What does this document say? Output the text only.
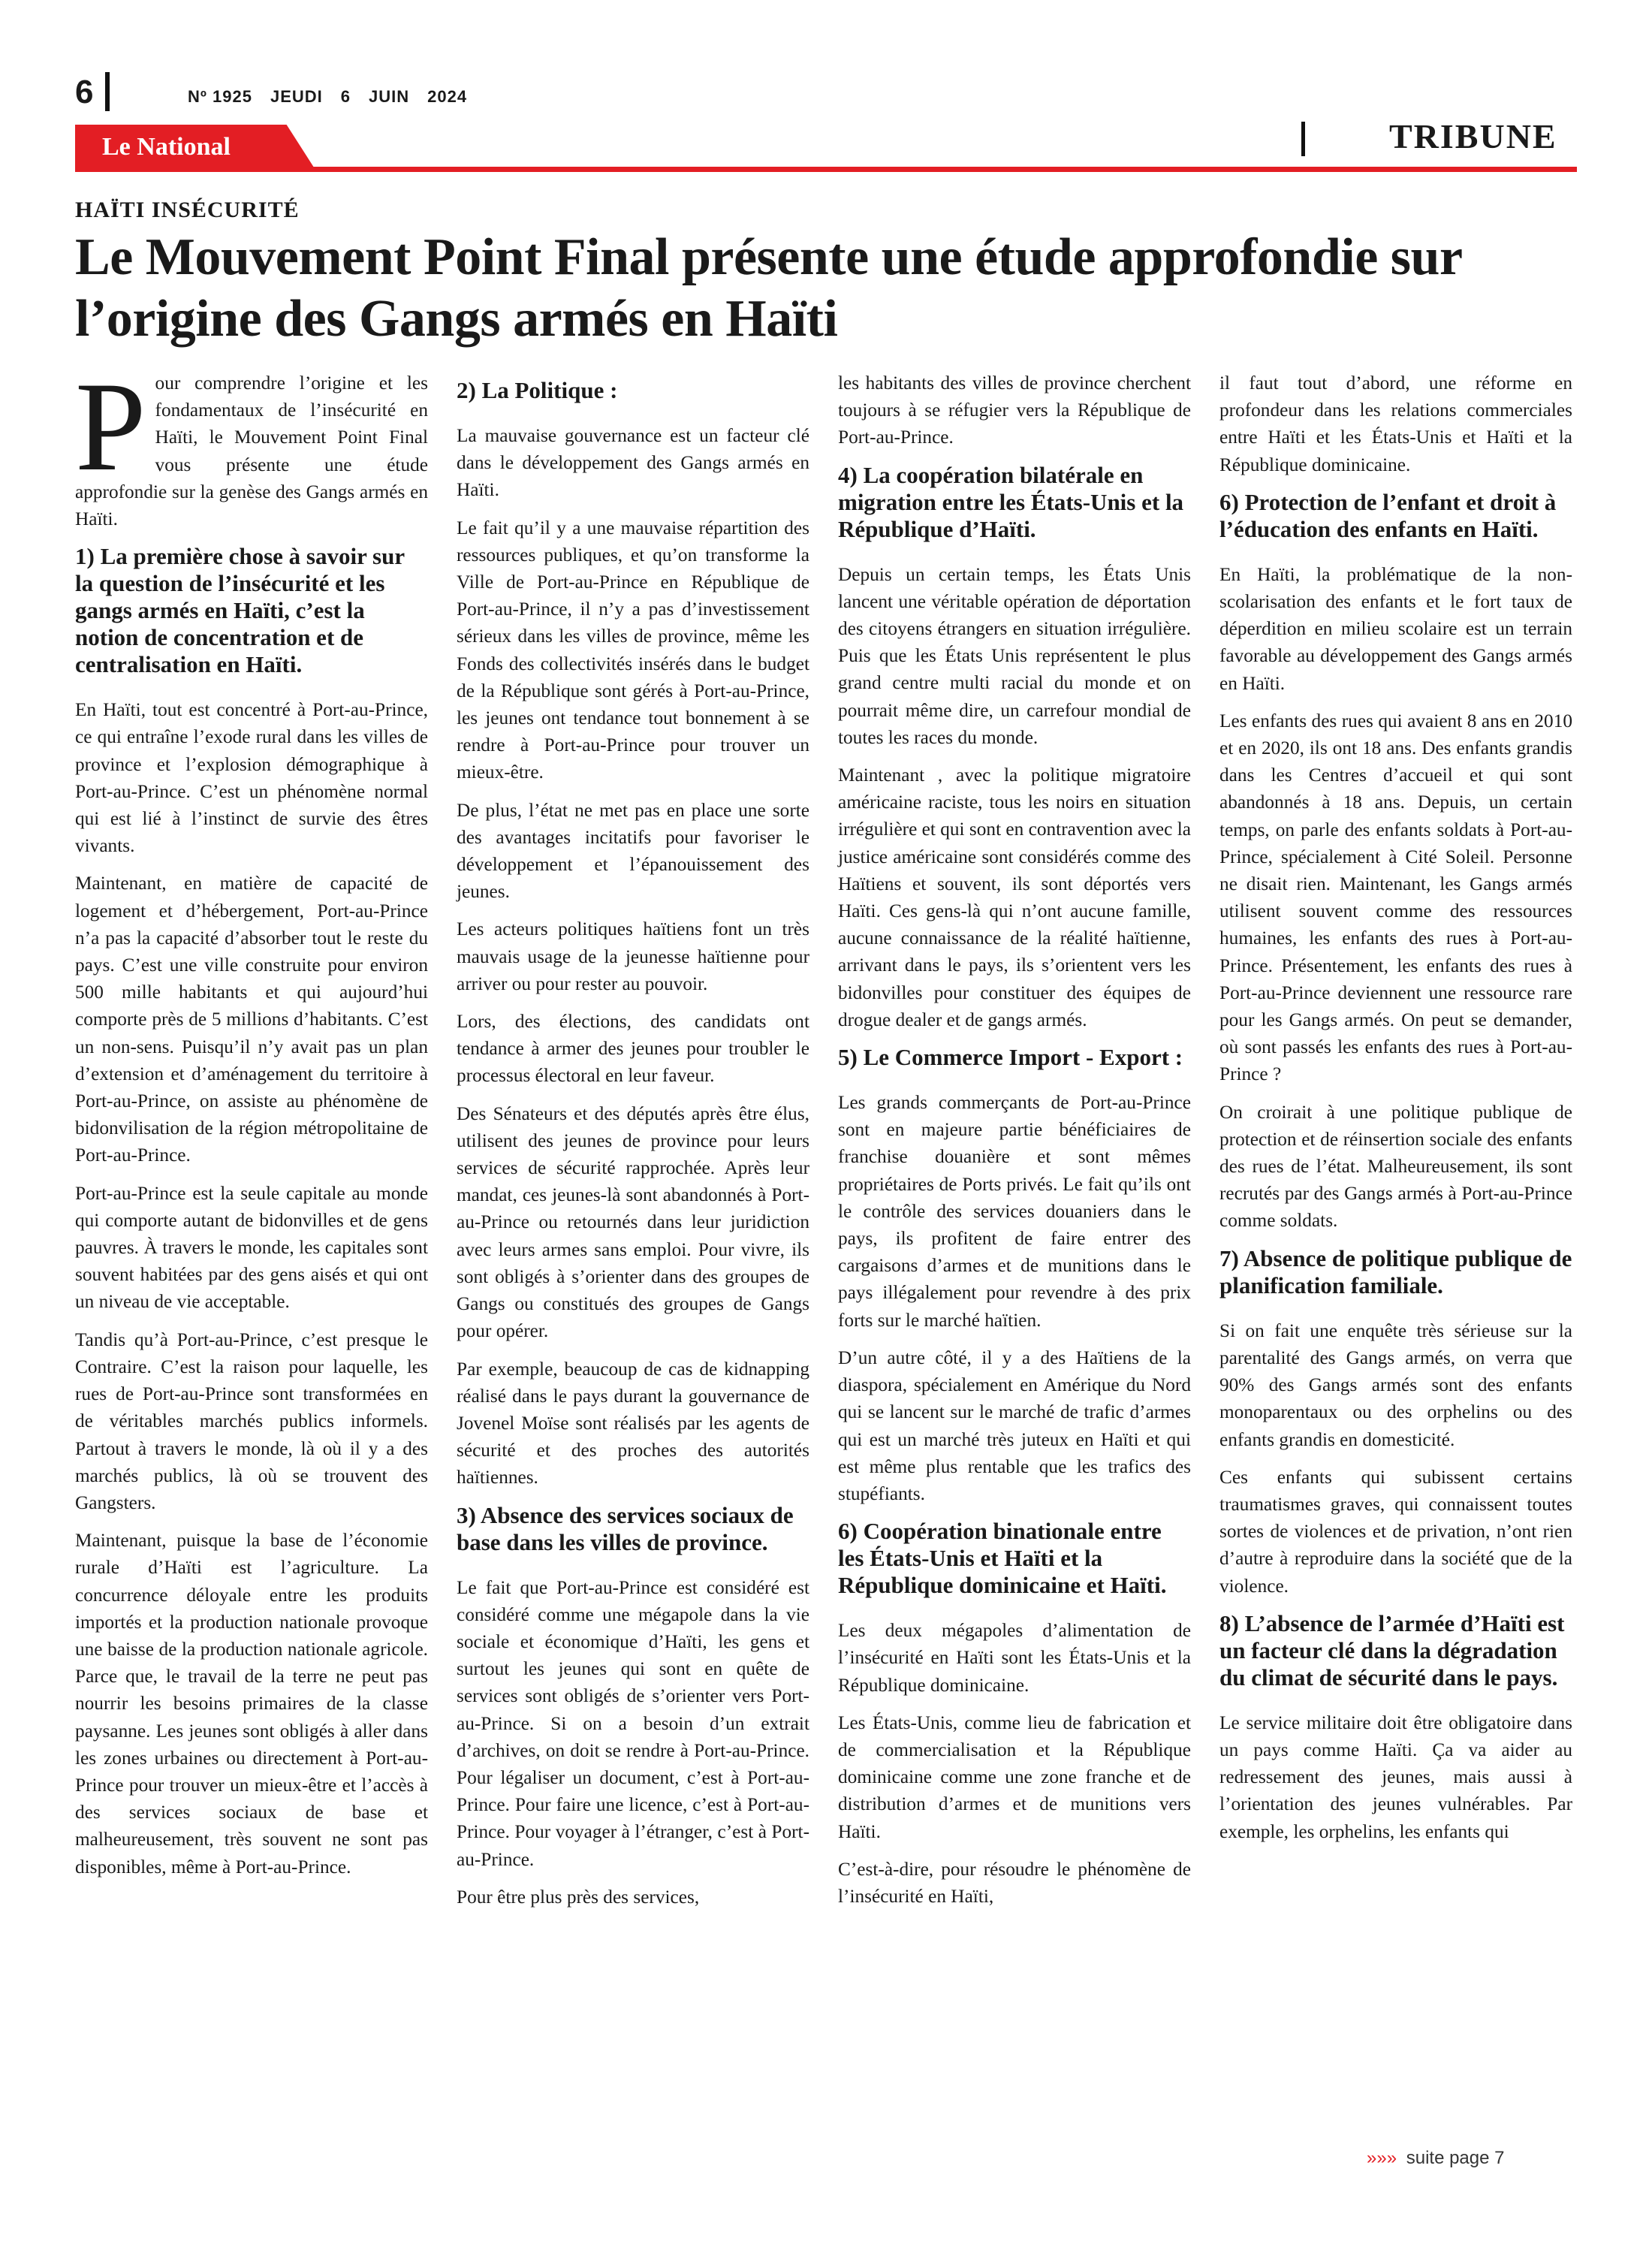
6	Nº 1925 JEUDI 6 JUIN 2024
Le National	TRIBUNE
HAÏTI INSÉCURITÉ
Le Mouvement Point Final présente une étude approfondie sur l’origine des Gangs armés en Haïti

Pour comprendre l’origine et les fondamentaux de l’insécurité en Haïti, le Mouvement Point Final vous présente une étude approfondie sur la genèse des Gangs armés en Haïti.

1) La première chose à savoir sur la question de l’insécurité et les gangs armés en Haïti, c’est la notion de concentration et de centralisation en Haïti.

En Haïti, tout est concentré à Port-au-Prince, ce qui entraîne l’exode rural dans les villes de province et l’explosion démographique à Port-au-Prince. C’est un phénomène normal qui est lié à l’instinct de survie des êtres vivants.

Maintenant, en matière de capacité de logement et d’hébergement, Port-au-Prince n’a pas la capacité d’absorber tout le reste du pays. C’est une ville construite pour environ 500 mille habitants et qui aujourd’hui comporte près de 5 millions d’habitants. C’est un non-sens. Puisqu’il n’y avait pas un plan d’extension et d’aménagement du territoire à Port-au-Prince, on assiste au phénomène de bidonvilisation de la région métropolitaine de Port-au-Prince.

Port-au-Prince est la seule capitale au monde qui comporte autant de bidonvilles et de gens pauvres. À travers le monde, les capitales sont souvent habitées par des gens aisés et qui ont un niveau de vie acceptable.

Tandis qu’à Port-au-Prince, c’est presque le Contraire. C’est la raison pour laquelle, les rues de Port-au-Prince sont transformées en de véritables marchés publics informels. Partout à travers le monde, là où il y a des marchés publics, là où se trouvent des Gangsters.

Maintenant, puisque la base de l’économie rurale d’Haïti est l’agriculture. La concurrence déloyale entre les produits importés et la production nationale provoque une baisse de la production nationale agricole. Parce que, le travail de la terre ne peut pas nourrir les besoins primaires de la classe paysanne. Les jeunes sont obligés à aller dans les zones urbaines ou directement à Port-au-Prince pour trouver un mieux-être et l’accès à des services sociaux de base et malheureusement, très souvent ne sont pas disponibles, même à Port-au-Prince.

2) La Politique :

La mauvaise gouvernance est un facteur clé dans le développement des Gangs armés en Haïti.

Le fait qu’il y a une mauvaise répartition des ressources publiques, et qu’on transforme la Ville de Port-au-Prince en République de Port-au-Prince, il n’y a pas d’investissement sérieux dans les villes de province, même les Fonds des collectivités insérés dans le budget de la République sont gérés à Port-au-Prince, les jeunes ont tendance tout bonnement à se rendre à Port-au-Prince pour trouver un mieux-être.

De plus, l’état ne met pas en place une sorte des avantages incitatifs pour favoriser le développement et l’épanouissement des jeunes.

Les acteurs politiques haïtiens font un très mauvais usage de la jeunesse haïtienne pour arriver ou pour rester au pouvoir.

Lors, des élections, des candidats ont tendance à armer des jeunes pour troubler le processus électoral en leur faveur.

Des Sénateurs et des députés après être élus, utilisent des jeunes de province pour leurs services de sécurité rapprochée. Après leur mandat, ces jeunes-là sont abandonnés à Port-au-Prince ou retournés dans leur juridiction avec leurs armes sans emploi. Pour vivre, ils sont obligés à s’orienter dans des groupes de Gangs ou constitués des groupes de Gangs pour opérer.

Par exemple, beaucoup de cas de kidnapping réalisé dans le pays durant la gouvernance de Jovenel Moïse sont réalisés par les agents de sécurité et des proches des autorités haïtiennes.

3) Absence des services sociaux de base dans les villes de province.

Le fait que Port-au-Prince est considéré est considéré comme une mégapole dans la vie sociale et économique d’Haïti, les gens et surtout les jeunes qui sont en quête de services sont obligés de s’orienter vers Port-au-Prince. Si on a besoin d’un extrait d’archives, on doit se rendre à Port-au-Prince. Pour légaliser un document, c’est à Port-au-Prince. Pour faire une licence, c’est à Port-au-Prince. Pour voyager à l’étranger, c’est à Port-au-Prince.

Pour être plus près des services,

les habitants des villes de province cherchent toujours à se réfugier vers la République de Port-au-Prince.

4) La coopération bilatérale en migration entre les États-Unis et la République d’Haïti.

Depuis un certain temps, les États Unis lancent une véritable opération de déportation des citoyens étrangers en situation irrégulière. Puis que les États Unis représentent le plus grand centre multi racial du monde et on pourrait même dire, un carrefour mondial de toutes les races du monde.

Maintenant , avec la politique migratoire américaine raciste, tous les noirs en situation irrégulière et qui sont en contravention avec la justice américaine sont considérés comme des Haïtiens et souvent, ils sont déportés vers Haïti. Ces gens-là qui n’ont aucune famille, aucune connaissance de la réalité haïtienne, arrivant dans le pays, ils s’orientent vers les bidonvilles pour constituer des équipes de drogue dealer et de gangs armés.

5) Le Commerce Import - Export :

Les grands commerçants de Port-au-Prince sont en majeure partie bénéficiaires de franchise douanière et sont mêmes propriétaires de Ports privés. Le fait qu’ils ont le contrôle des services douaniers dans le pays, ils profitent de faire entrer des cargaisons d’armes et de munitions dans le pays illégalement pour revendre à des prix forts sur le marché haïtien.

D’un autre côté, il y a des Haïtiens de la diaspora, spécialement en Amérique du Nord qui se lancent sur le marché de trafic d’armes qui est un marché très juteux en Haïti et qui est même plus rentable que les trafics des stupéfiants.

6) Coopération binationale entre les États-Unis et Haïti et la République dominicaine et Haïti.

Les deux mégapoles d’alimentation de l’insécurité en Haïti sont les États-Unis et la République dominicaine.

Les États-Unis, comme lieu de fabrication et de commercialisation et la République dominicaine comme une zone franche et de distribution d’armes et de munitions vers Haïti.

C’est-à-dire, pour résoudre le phénomène de l’insécurité en Haïti,

il faut tout d’abord, une réforme en profondeur dans les relations commerciales entre Haïti et les États-Unis et Haïti et la République dominicaine.

6) Protection de l’enfant et droit à l’éducation des enfants en Haïti.

En Haïti, la problématique de la non-scolarisation des enfants et le fort taux de déperdition en milieu scolaire est un terrain favorable au développement des Gangs armés en Haïti.

Les enfants des rues qui avaient 8 ans en 2010 et en 2020, ils ont 18 ans. Des enfants grandis dans les Centres d’accueil et qui sont abandonnés à 18 ans. Depuis, un certain temps, on parle des enfants soldats à Port-au-Prince, spécialement à Cité Soleil. Personne ne disait rien. Maintenant, les Gangs armés utilisent souvent comme des ressources humaines, les enfants des rues à Port-au-Prince. Présentement, les enfants des rues à Port-au-Prince deviennent une ressource rare pour les Gangs armés. On peut se demander, où sont passés les enfants des rues à Port-au-Prince ?

On croirait à une politique publique de protection et de réinsertion sociale des enfants des rues de l’état. Malheureusement, ils sont recrutés par des Gangs armés à Port-au-Prince comme soldats.

7) Absence de politique publique de planification familiale.

Si on fait une enquête très sérieuse sur la parentalité des Gangs armés, on verra que 90% des Gangs armés sont des enfants monoparentaux ou des orphelins ou des enfants grandis en domesticité.

Ces enfants qui subissent certains traumatismes graves, qui connaissent toutes sortes de violences et de privation, n’ont rien d’autre à reproduire dans la société que de la violence.

8) L’absence de l’armée d’Haïti est un facteur clé dans la dégradation du climat de sécurité dans le pays.

Le service militaire doit être obligatoire dans un pays comme Haïti. Ça va aider au redressement des jeunes, mais aussi à l’orientation des jeunes vulnérables. Par exemple, les orphelins, les enfants qui

»»» suite page 7
